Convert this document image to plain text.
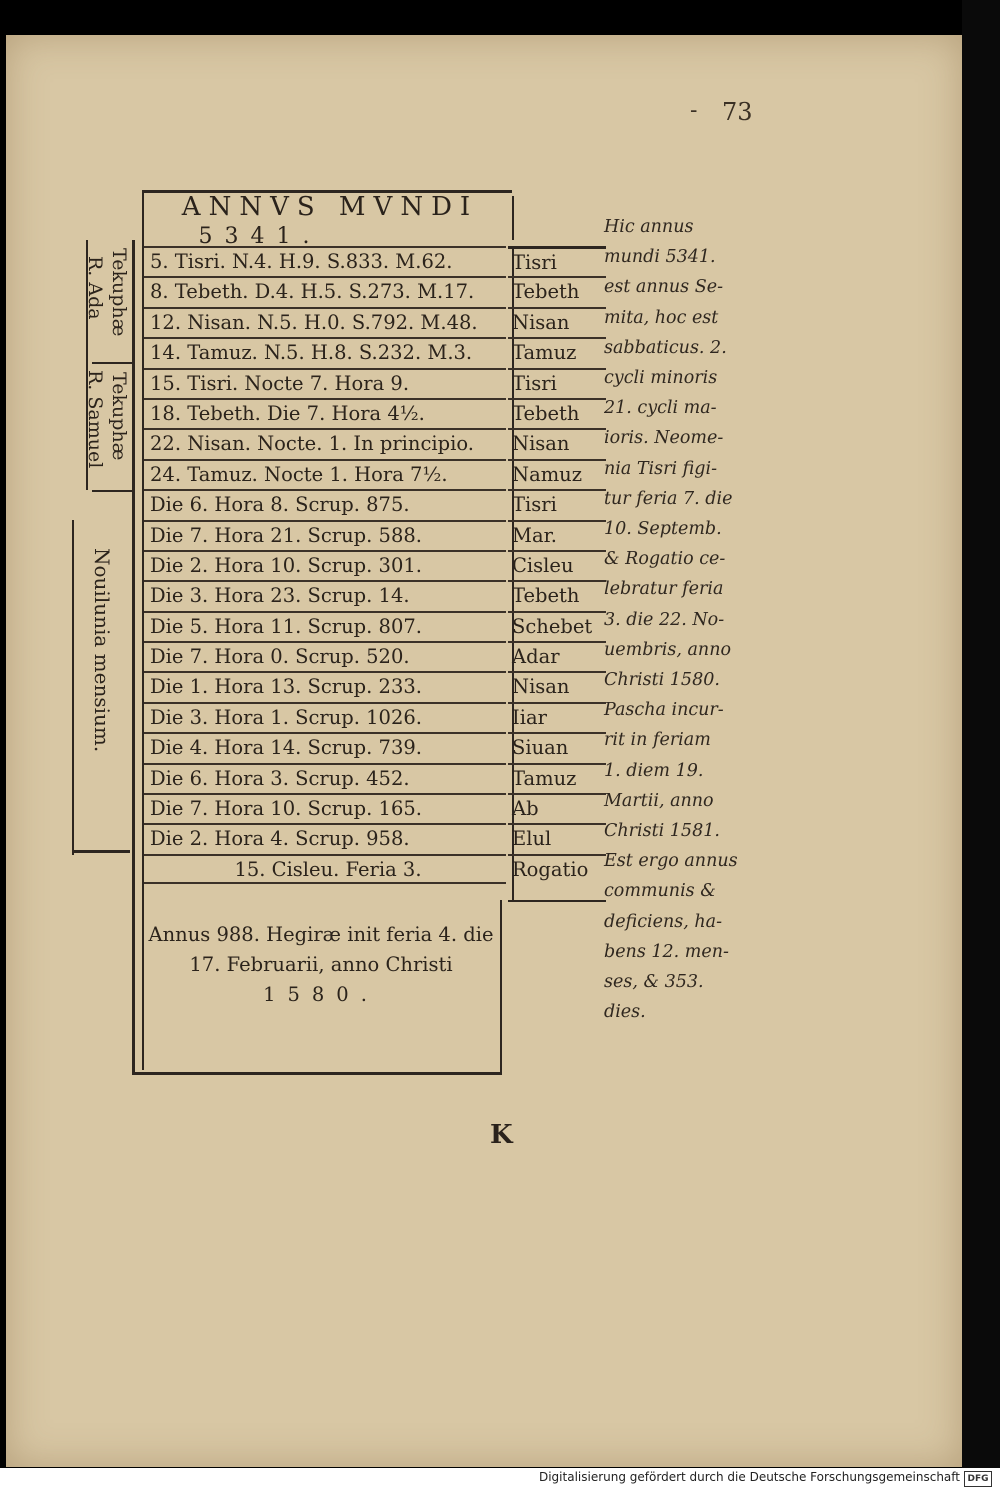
- 73
ANNVS MVNDI
5341.
5. Tisri. N.4. H.9. S.833. M.62.
8. Tebeth. D.4. H.5. S.273. M.17.
12. Nisan. N.5. H.0. S.792. M.48.
14. Tamuz. N.5. H.8. S.232. M.3.
15. Tisri. Nocte 7. Hora 9.
18. Tebeth. Die 7. Hora 4½.
22. Nisan. Nocte. 1. In principio.
24. Tamuz. Nocte 1. Hora 7½.
Die 6. Hora 8. Scrup. 875.
Die 7. Hora 21. Scrup. 588.
Die 2. Hora 10. Scrup. 301.
Die 3. Hora 23. Scrup. 14.
Die 5. Hora 11. Scrup. 807.
Die 7. Hora 0. Scrup. 520.
Die 1. Hora 13. Scrup. 233.
Die 3. Hora 1. Scrup. 1026.
Die 4. Hora 14. Scrup. 739.
Die 6. Hora 3. Scrup. 452.
Die 7. Hora 10. Scrup. 165.
Die 2. Hora 4. Scrup. 958.
15. Cisleu. Feria 3.
Tisri
Tebeth
Nisan
Tamuz
Tisri
Tebeth
Nisan
Namuz
Tisri
Mar.
Cisleu
Tebeth
Schebet
Adar
Nisan
Iiar
Siuan
Tamuz
Ab
Elul
Rogatio
Annus 988. Hegiræ init feria 4. die
17. Februarii, anno Christi
1580.
Tekuphæ
R. Ada
Tekuphæ
R. Samuel
Nouilunia mensium.
Hic annus
mundi 5341.
est annus Se-
mita, hoc est
sabbaticus. 2.
cycli minoris
21. cycli ma-
ioris. Neome-
nia Tisri figi-
tur feria 7. die
10. Septemb.
& Rogatio ce-
lebratur feria
3. die 22. No-
uembris, anno
Christi 1580.
Pascha incur-
rit in feriam
1. diem 19.
Martii, anno
Christi 1581.
Est ergo annus
communis &
deficiens, ha-
bens 12. men-
ses, & 353.
dies.
K
Digitalisierung gefördert durch die Deutsche Forschungsgemeinschaft DFG
